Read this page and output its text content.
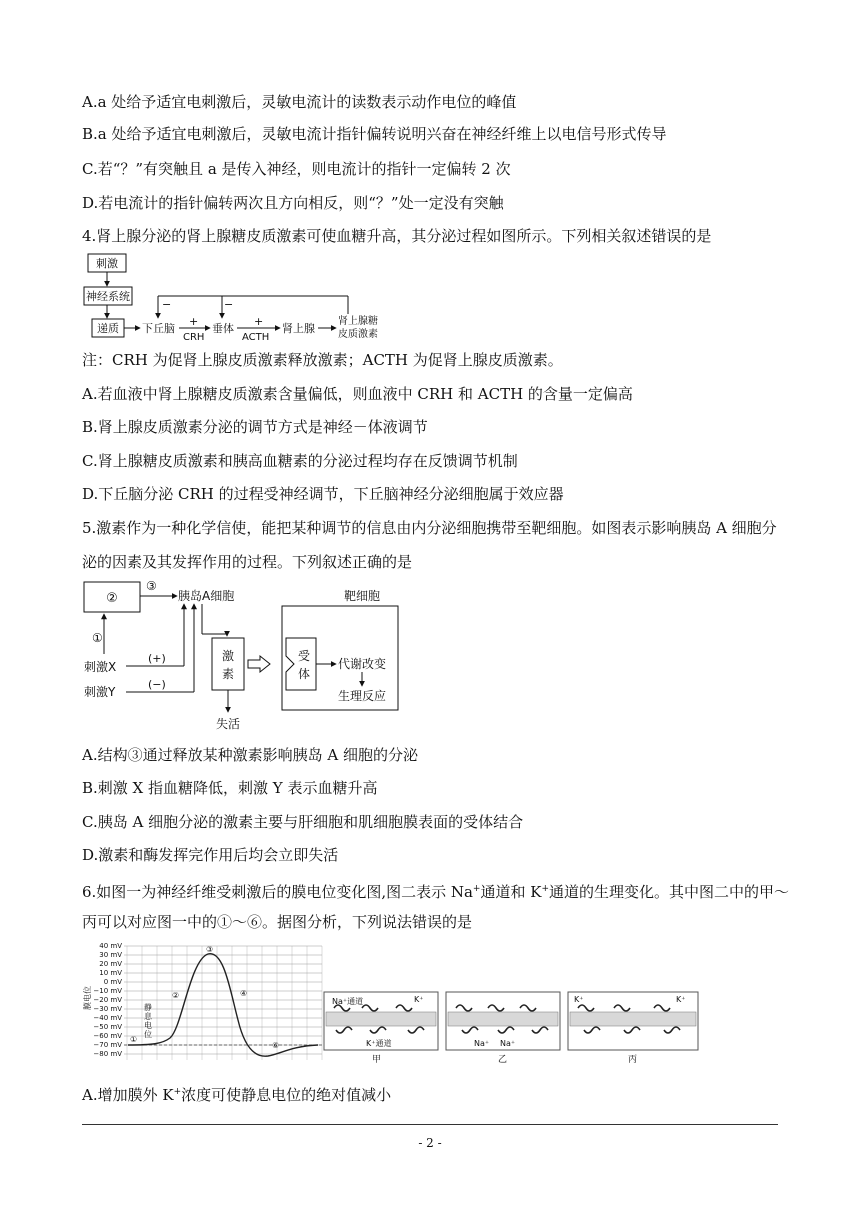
A.a 处给予适宜电刺激后，灵敏电流计的读数表示动作电位的峰值
B.a 处给予适宜电刺激后，灵敏电流计指针偏转说明兴奋在神经纤维上以电信号形式传导
C.若“？”有突触且 a 是传入神经，则电流计的指针一定偏转 2 次
D.若电流计的指针偏转两次且方向相反，则“？”处一定没有突触
4.肾上腺分泌的肾上腺糖皮质激素可使血糖升高，其分泌过程如图所示。下列相关叙述错误的是
刺激
神经系统
递质 下丘脑
+
CRH
垂体
+
ACTH
肾上腺
肾上腺糖
皮质激素
−	−
注：CRH 为促肾上腺皮质激素释放激素；ACTH 为促肾上腺皮质激素。
A.若血液中肾上腺糖皮质激素含量偏低，则血液中 CRH 和 ACTH 的含量一定偏高
B.肾上腺皮质激素分泌的调节方式是神经－体液调节
C.肾上腺糖皮质激素和胰高血糖素的分泌过程均存在反馈调节机制
D.下丘脑分泌 CRH 的过程受神经调节，下丘脑神经分泌细胞属于效应器
5.激素作为一种化学信使，能把某种调节的信息由内分泌细胞携带至靶细胞。如图表示影响胰岛 A 细胞分
泌的因素及其发挥作用的过程。下列叙述正确的是
②
③
胰岛A细胞
①
刺激X
(+)
刺激Y
(−)
激
素
失活
靶细胞
受
体
代谢改变
生理反应
A.结构③通过释放某种激素影响胰岛 A 细胞的分泌
B.刺激 X 指血糖降低，刺激 Y 表示血糖升高
C.胰岛 A 细胞分泌的激素主要与肝细胞和肌细胞膜表面的受体结合
D.激素和酶发挥完作用后均会立即失活
6.如图一为神经纤维受刺激后的膜电位变化图,图二表示 Na+通道和 K+通道的生理变化。其中图二中的甲～
丙可以对应图一中的①～⑥。据图分析，下列说法错误的是
40 mV
30 mV
20 mV
10 mV
0 mV
−10 mV
−20 mV
−30 mV
−40 mV
−50 mV
−60 mV
−70 mV
−80 mV
膜电位
①
②
③
④
⑥
静
息
电
位
Na⁺通道	K⁺
K⁺通道
甲
Na⁺ Na⁺
乙
K⁺	K⁺
丙
A.增加膜外 K+浓度可使静息电位的绝对值减小
- 2 -
